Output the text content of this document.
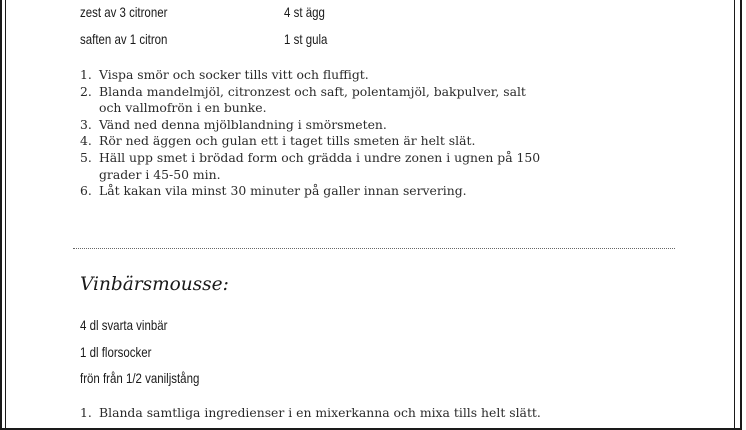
zest av 3 citroner
saften av 1 citron
4 st ägg
1 st gula
1. Vispa smör och socker tills vitt och fluffigt.
2. Blanda mandelmjöl, citronzest och saft, polentamjöl, bakpulver, salt
och vallmofrön i en bunke.
3. Vänd ned denna mjölblandning i smörsmeten.
4. Rör ned äggen och gulan ett i taget tills smeten är helt slät.
5. Häll upp smet i brödad form och grädda i undre zonen i ugnen på 150
grader i 45-50 min.
6. Låt kakan vila minst 30 minuter på galler innan servering.
Vinbärsmousse:
4 dl svarta vinbär
1 dl florsocker
frön från 1/2 vaniljstång
1. Blanda samtliga ingredienser i en mixerkanna och mixa tills helt slätt.
